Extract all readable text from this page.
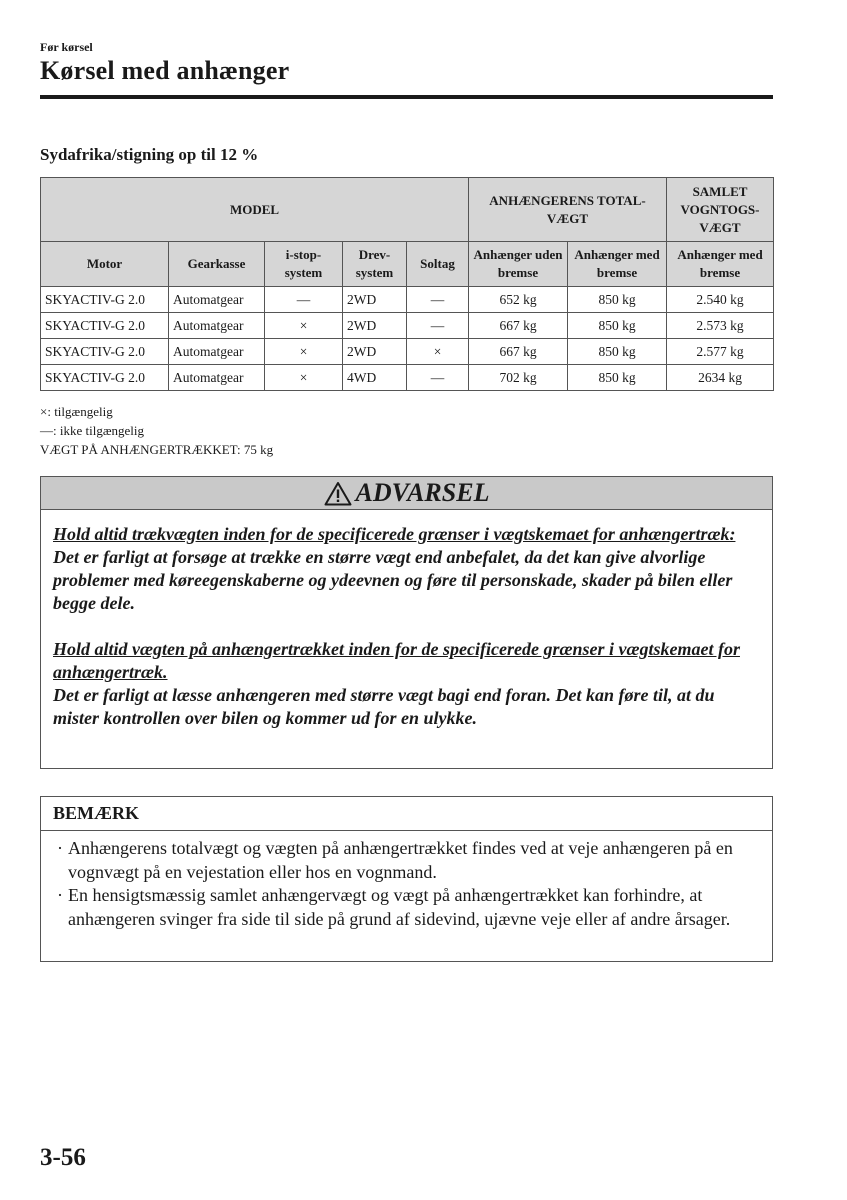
Før kørsel
Kørsel med anhænger
Sydafrika/stigning op til 12 %
MODEL					ANHÆNGERENS TOTAL-VÆGT		SAMLET VOGNTOGS-VÆGT
Motor	Gearkasse	i-stop-system	Drev-system	Soltag	Anhænger uden bremse	Anhænger med bremse	Anhænger med bremse
SKYACTIV-G 2.0	Automatgear	—	2WD	—	652 kg	850 kg	2.540 kg
SKYACTIV-G 2.0	Automatgear	×	2WD	—	667 kg	850 kg	2.573 kg
SKYACTIV-G 2.0	Automatgear	×	2WD	×	667 kg	850 kg	2.577 kg
SKYACTIV-G 2.0	Automatgear	×	4WD	—	702 kg	850 kg	2634 kg
×: tilgængelig
—: ikke tilgængelig
VÆGT PÅ ANHÆNGERTRÆKKET: 75 kg
ADVARSEL

Hold altid trækvægten inden for de specificerede grænser i vægtskemaet for anhængertræk:

Det er farligt at forsøge at trække en større vægt end anbefalet, da det kan give alvorlige problemer med køreegenskaberne og ydeevnen og føre til personskade, skader på bilen eller begge dele.

Hold altid vægten på anhængertrækket inden for de specificerede grænser i vægtskemaet for anhængertræk.

Det er farligt at læsse anhængeren med større vægt bagi end foran. Det kan føre til, at du mister kontrollen over bilen og kommer ud for en ulykke.

BEMÆRK
· Anhængerens totalvægt og vægten på anhængertrækket findes ved at veje anhængeren på en vognvægt på en vejestation eller hos en vognmand.
· En hensigtsmæssig samlet anhængervægt og vægt på anhængertrækket kan forhindre, at anhængeren svinger fra side til side på grund af sidevind, ujævne veje eller af andre årsager.
3-56
